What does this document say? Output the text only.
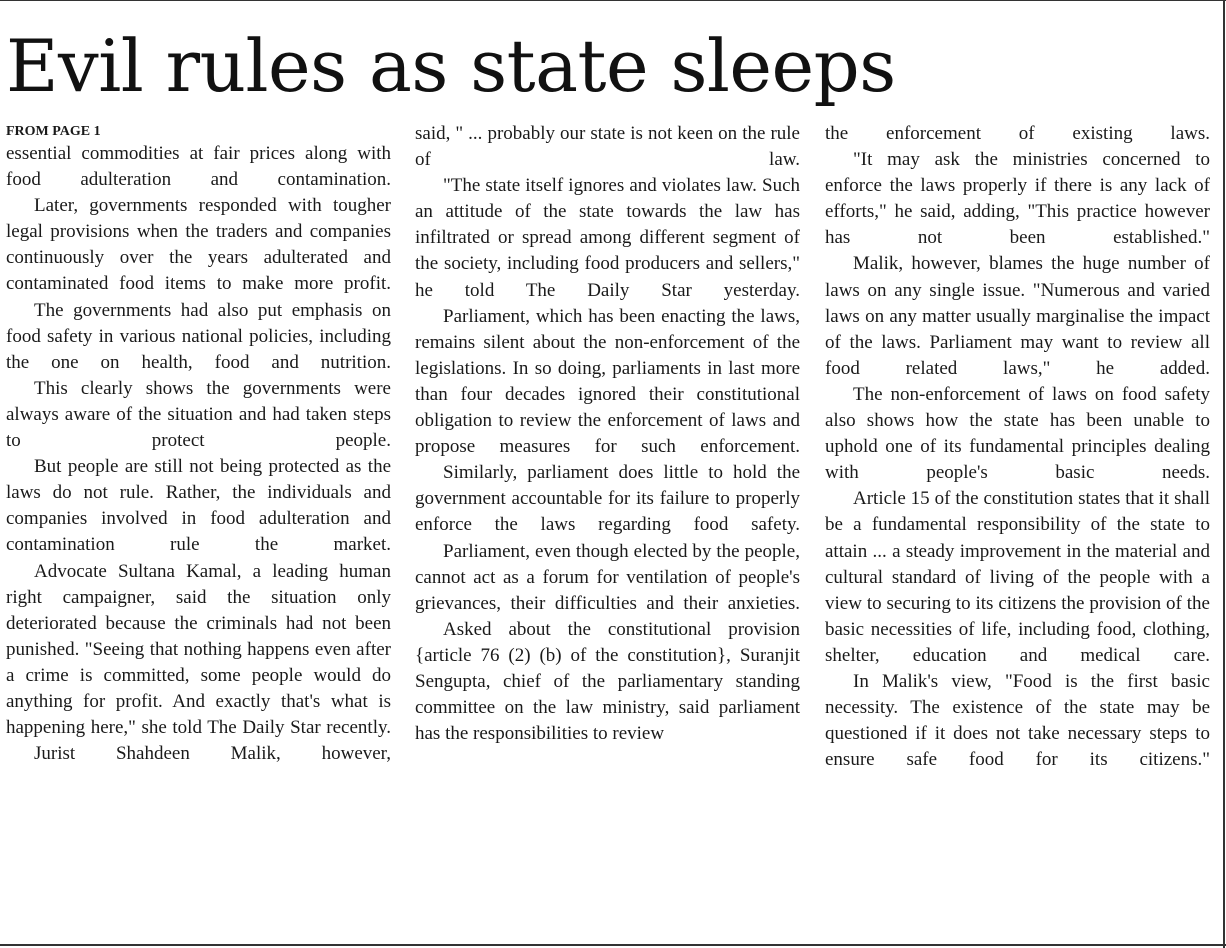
Evil rules as state sleeps
FROM PAGE 1

essential commodities at fair prices along with food adulteration and contamination.

Later, governments responded with tougher legal provisions when the traders and companies continuously over the years adulterated and contaminated food items to make more profit.

The governments had also put emphasis on food safety in various national policies, including the one on health, food and nutrition.

This clearly shows the governments were always aware of the situation and had taken steps to protect people.

But people are still not being protected as the laws do not rule. Rather, the individuals and companies involved in food adulteration and contamination rule the market.

Advocate Sultana Kamal, a leading human right campaigner, said the situation only deteriorated because the criminals had not been punished. "Seeing that nothing happens even after a crime is committed, some people would do anything for profit. And exactly that's what is happening here," she told The Daily Star recently.

Jurist Shahdeen Malik, however,

said, " ... probably our state is not keen on the rule of law.

"The state itself ignores and violates law. Such an attitude of the state towards the law has infiltrated or spread among different segment of the society, including food producers and sellers," he told The Daily Star yesterday.

Parliament, which has been enacting the laws, remains silent about the non-enforcement of the legislations. In so doing, parliaments in last more than four decades ignored their constitutional obligation to review the enforcement of laws and propose measures for such enforcement.

Similarly, parliament does little to hold the government accountable for its failure to properly enforce the laws regarding food safety.

Parliament, even though elected by the people, cannot act as a forum for ventilation of people's grievances, their difficulties and their anxieties.

Asked about the constitutional provision {article 76 (2) (b) of the constitution}, Suranjit Sengupta, chief of the parliamentary standing committee on the law ministry, said parliament has the responsibilities to review

the enforcement of existing laws.

"It may ask the ministries concerned to enforce the laws properly if there is any lack of efforts," he said, adding, "This practice however has not been established."

Malik, however, blames the huge number of laws on any single issue. "Numerous and varied laws on any matter usually marginalise the impact of the laws. Parliament may want to review all food related laws," he added.

The non-enforcement of laws on food safety also shows how the state has been unable to uphold one of its fundamental principles dealing with people's basic needs.

Article 15 of the constitution states that it shall be a fundamental responsibility of the state to attain ... a steady improvement in the material and cultural standard of living of the people with a view to securing to its citizens the provision of the basic necessities of life, including food, clothing, shelter, education and medical care.

In Malik's view, "Food is the first basic necessity. The existence of the state may be questioned if it does not take necessary steps to ensure safe food for its citizens."
